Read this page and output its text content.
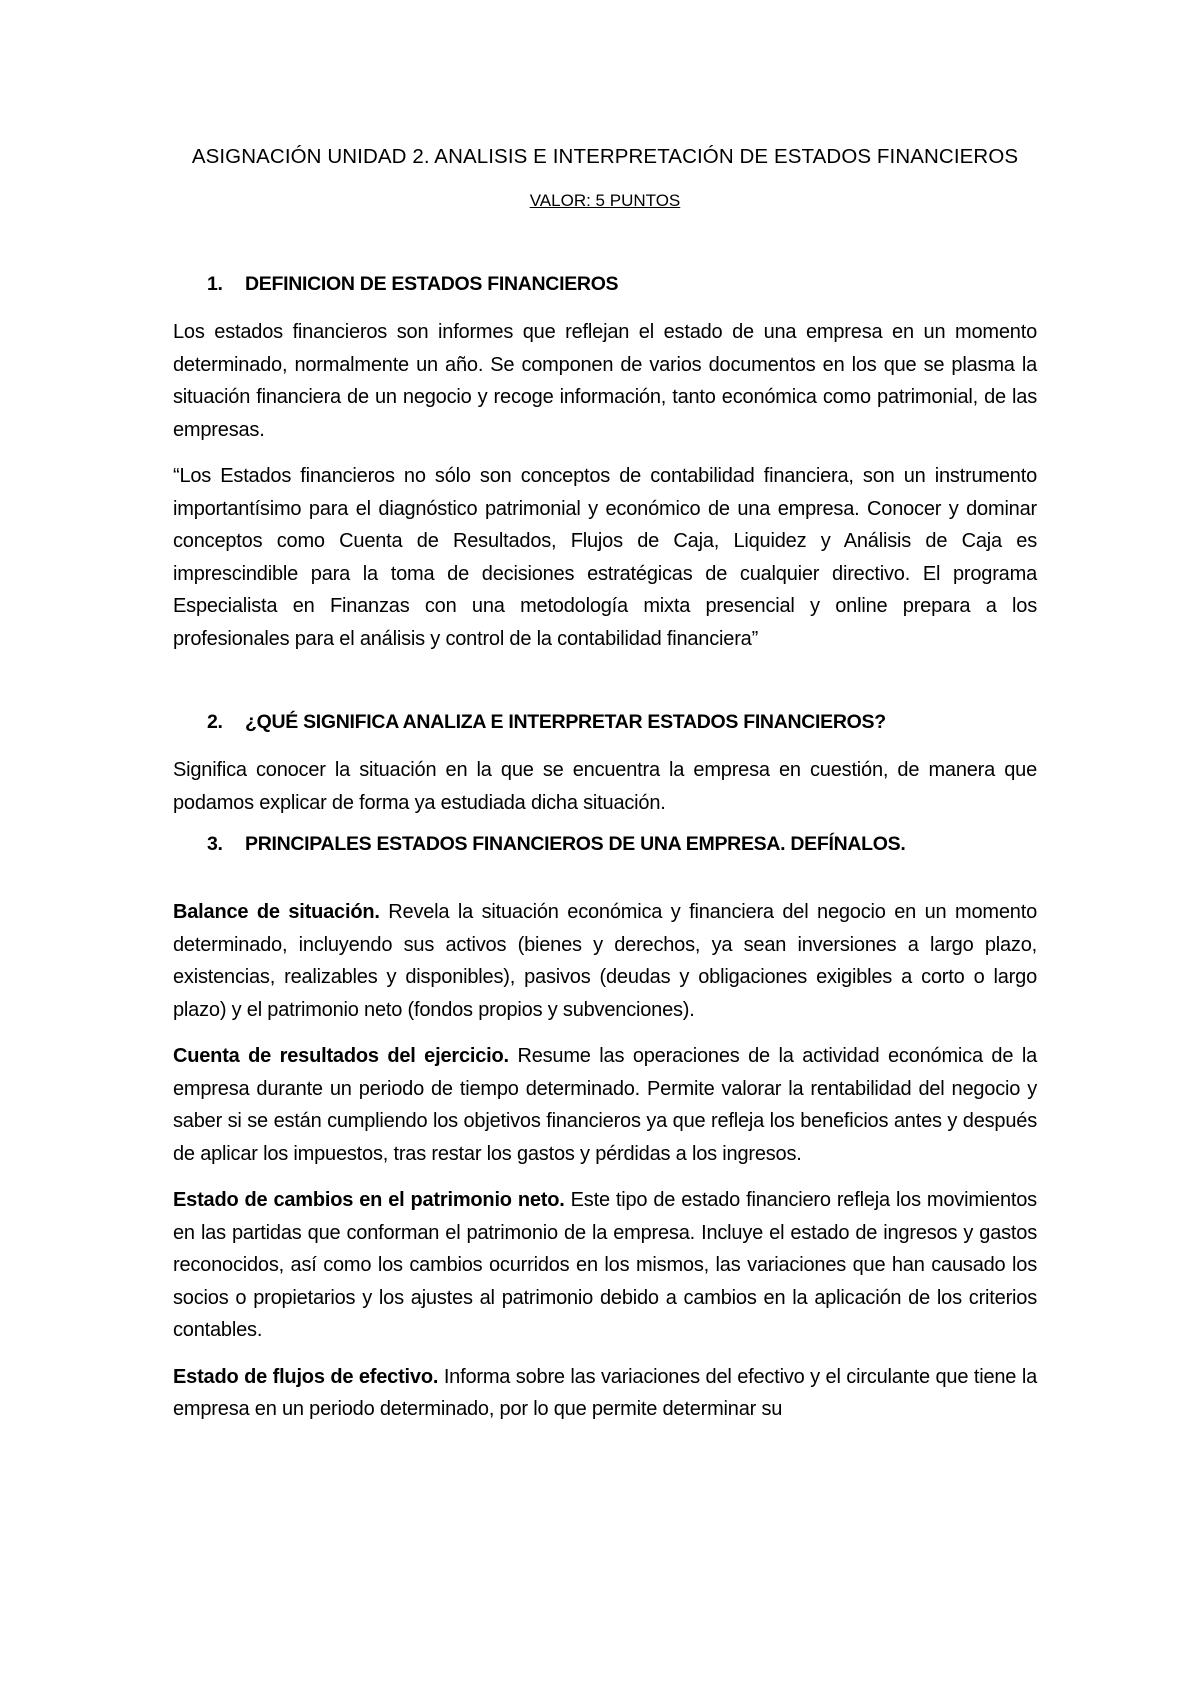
ASIGNACIÓN UNIDAD 2. ANALISIS E INTERPRETACIÓN DE ESTADOS FINANCIEROS
VALOR: 5 PUNTOS
1. DEFINICION DE ESTADOS FINANCIEROS

Los estados financieros son informes que reflejan el estado de una empresa en un momento determinado, normalmente un año. Se componen de varios documentos en los que se plasma la situación financiera de un negocio y recoge información, tanto económica como patrimonial, de las empresas.

“Los Estados financieros no sólo son conceptos de contabilidad financiera, son un instrumento importantísimo para el diagnóstico patrimonial y económico de una empresa. Conocer y dominar conceptos como Cuenta de Resultados, Flujos de Caja, Liquidez y Análisis de Caja es imprescindible para la toma de decisiones estratégicas de cualquier directivo. El programa Especialista en Finanzas con una metodología mixta presencial y online prepara a los profesionales para el análisis y control de la contabilidad financiera”

2. ¿QUÉ SIGNIFICA ANALIZA E INTERPRETAR ESTADOS FINANCIEROS?

Significa conocer la situación en la que se encuentra la empresa en cuestión, de manera que podamos explicar de forma ya estudiada dicha situación.

3. PRINCIPALES ESTADOS FINANCIEROS DE UNA EMPRESA. DEFÍNALOS.

Balance de situación. Revela la situación económica y financiera del negocio en un momento determinado, incluyendo sus activos (bienes y derechos, ya sean inversiones a largo plazo, existencias, realizables y disponibles), pasivos (deudas y obligaciones exigibles a corto o largo plazo) y el patrimonio neto (fondos propios y subvenciones).

Cuenta de resultados del ejercicio. Resume las operaciones de la actividad económica de la empresa durante un periodo de tiempo determinado. Permite valorar la rentabilidad del negocio y saber si se están cumpliendo los objetivos financieros ya que refleja los beneficios antes y después de aplicar los impuestos, tras restar los gastos y pérdidas a los ingresos.

Estado de cambios en el patrimonio neto. Este tipo de estado financiero refleja los movimientos en las partidas que conforman el patrimonio de la empresa. Incluye el estado de ingresos y gastos reconocidos, así como los cambios ocurridos en los mismos, las variaciones que han causado los socios o propietarios y los ajustes al patrimonio debido a cambios en la aplicación de los criterios contables.

Estado de flujos de efectivo. Informa sobre las variaciones del efectivo y el circulante que tiene la empresa en un periodo determinado, por lo que permite determinar su
